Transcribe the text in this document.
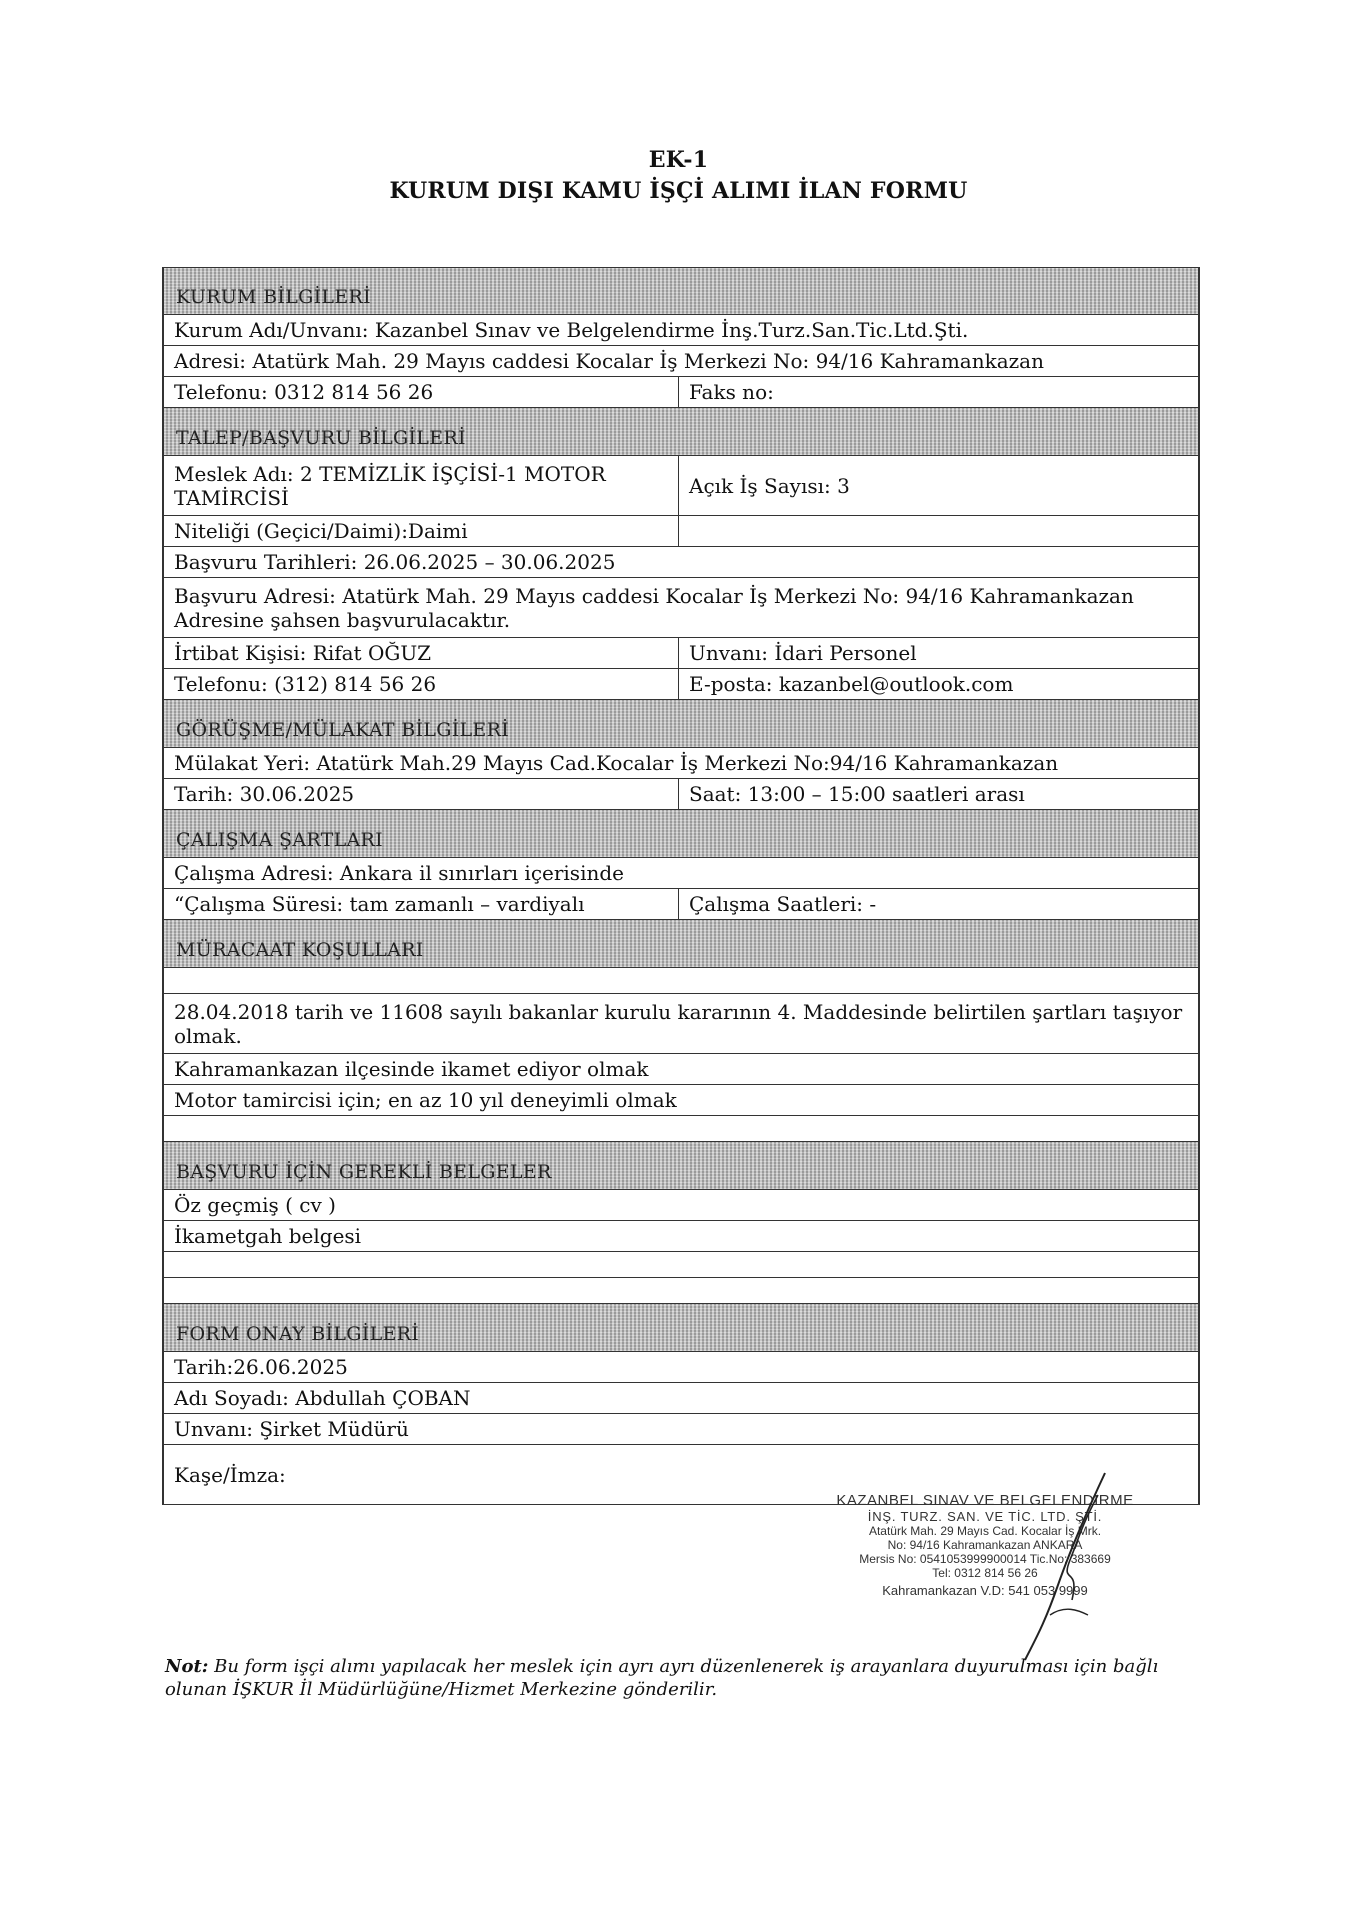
EK-1
KURUM DIŞI KAMU İŞÇİ ALIMI İLAN FORMU
KURUM BİLGİLERİ
Kurum Adı/Unvanı: Kazanbel Sınav ve Belgelendirme İnş.Turz.San.Tic.Ltd.Şti.
Adresi: Atatürk Mah. 29 Mayıs caddesi Kocalar İş Merkezi No: 94/16 Kahramankazan
Telefonu: 0312 814 56 26	Faks no:
TALEP/BAŞVURU BİLGİLERİ
Meslek Adı: 2 TEMİZLİK İŞÇİSİ-1 MOTOR TAMİRCİSİ	Açık İş Sayısı: 3
Niteliği (Geçici/Daimi):Daimi
Başvuru Tarihleri: 26.06.2025 – 30.06.2025
Başvuru Adresi: Atatürk Mah. 29 Mayıs caddesi Kocalar İş Merkezi No: 94/16 Kahramankazan Adresine şahsen başvurulacaktır.
İrtibat Kişisi: Rifat OĞUZ	Unvanı: İdari Personel
Telefonu: (312) 814 56 26	E-posta: kazanbel@outlook.com
GÖRÜŞME/MÜLAKAT BİLGİLERİ
Mülakat Yeri: Atatürk Mah.29 Mayıs Cad.Kocalar İş Merkezi No:94/16 Kahramankazan
Tarih: 30.06.2025	Saat: 13:00 – 15:00 saatleri arası
ÇALIŞMA ŞARTLARI
Çalışma Adresi: Ankara il sınırları içerisinde
“Çalışma Süresi: tam zamanlı – vardiyalı	Çalışma Saatleri: -
MÜRACAAT KOŞULLARI
28.04.2018 tarih ve 11608 sayılı bakanlar kurulu kararının 4. Maddesinde belirtilen şartları taşıyor olmak.
Kahramankazan ilçesinde ikamet ediyor olmak
Motor tamircisi için; en az 10 yıl deneyimli olmak
BAŞVURU İÇİN GEREKLİ BELGELER
Öz geçmiş ( cv )
İkametgah belgesi
FORM ONAY BİLGİLERİ
Tarih:26.06.2025
Adı Soyadı: Abdullah ÇOBAN
Unvanı: Şirket Müdürü
Kaşe/İmza:
KAZANBEL SINAV VE BELGELENDİRME
İNŞ. TURZ. SAN. VE TİC. LTD. ŞTİ.
Atatürk Mah. 29 Mayıs Cad. Kocalar İş Mrk.
No: 94/16 Kahramankazan ANKARA
Mersis No: 0541053999900014 Tic.No: 383669
Tel: 0312 814 56 26
Kahramankazan V.D: 541 053 9999
Not: Bu form işçi alımı yapılacak her meslek için ayrı ayrı düzenlenerek iş arayanlara duyurulması için bağlı olunan İŞKUR İl Müdürlüğüne/Hizmet Merkezine gönderilir.
